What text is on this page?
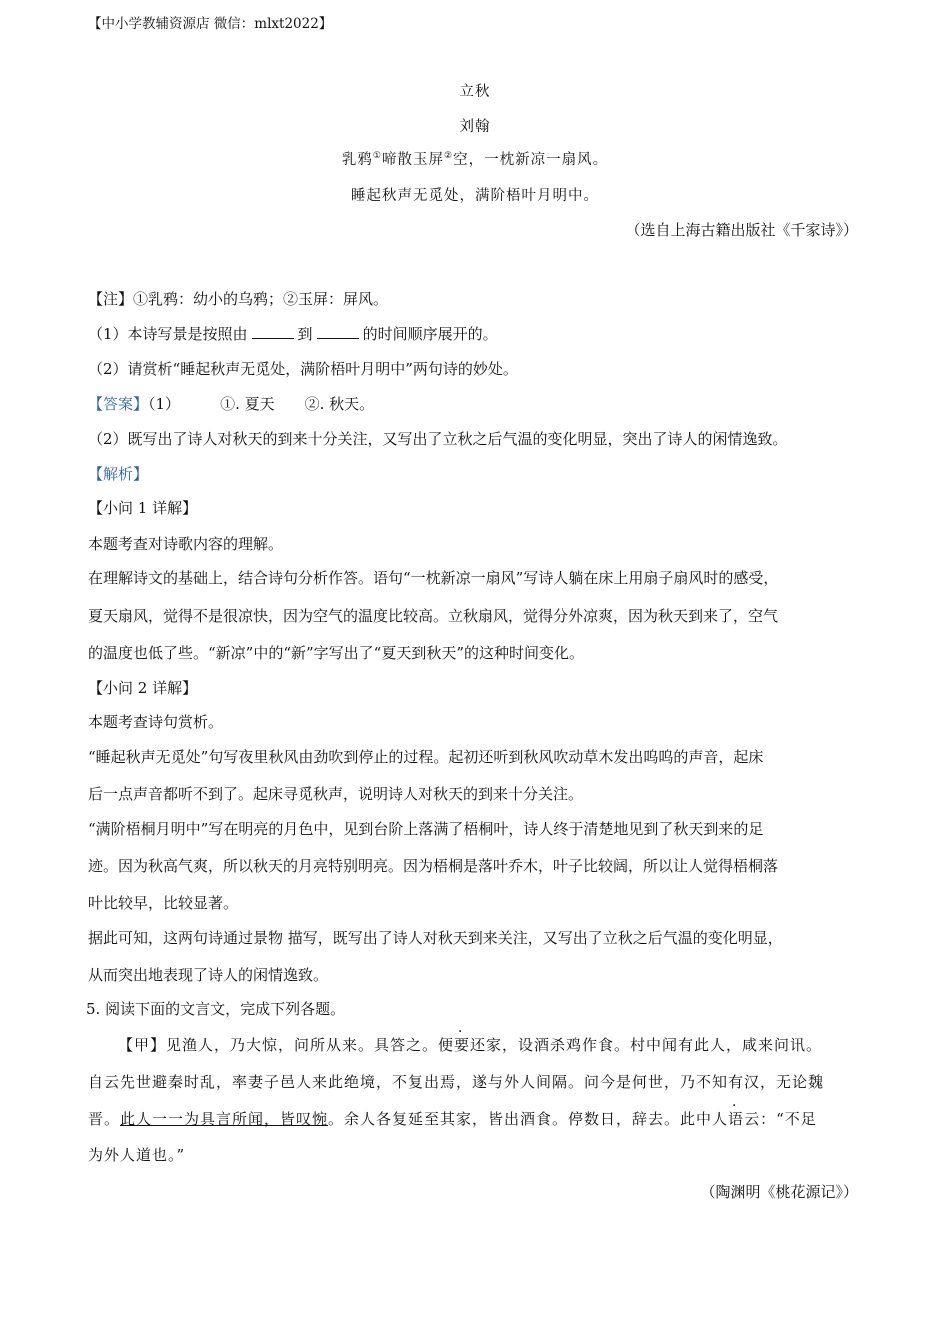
【中小学教辅资源店 微信：mlxt2022】
立秋
刘翰
乳鸦①啼散玉屏②空，一枕新凉一扇风。
睡起秋声无觅处，满阶梧叶月明中。
（选自上海古籍出版社《千家诗》）
【注】①乳鸦：幼小的乌鸦；②玉屏：屏风。
（1）本诗写景是按照由	到	的时间顺序展开的。
（2）请赏析“睡起秋声无觅处，满阶梧叶月明中”两句诗的妙处。
【答案】（1）	①. 夏天 ②. 秋天。
（2）既写出了诗人对秋天的到来十分关注，又写出了立秋之后气温的变化明显，突出了诗人的闲情逸致。
【解析】
【小问 1 详解】
本题考查对诗歌内容的理解。
在理解诗文的基础上，结合诗句分析作答。语句“一枕新凉一扇风”写诗人躺在床上用扇子扇风时的感受，
夏天扇风，觉得不是很凉快，因为空气的温度比较高。立秋扇风，觉得分外凉爽，因为秋天到来了，空气
的温度也低了些。“新凉”中的“新”字写出了“夏天到秋天”的这种时间变化。
【小问 2 详解】
本题考查诗句赏析。
“睡起秋声无觅处”句写夜里秋风由劲吹到停止的过程。起初还听到秋风吹动草木发出呜呜的声音，起床
后一点声音都听不到了。起床寻觅秋声，说明诗人对秋天的到来十分关注。
“满阶梧桐月明中”写在明亮的月色中，见到台阶上落满了梧桐叶，诗人终于清楚地见到了秋天到来的足
迹。因为秋高气爽，所以秋天的月亮特别明亮。因为梧桐是落叶乔木，叶子比较阔，所以让人觉得梧桐落
叶比较早，比较显著。
据此可知，这两句诗通过景物 描写，既写出了诗人对秋天到来关注，又写出了立秋之后气温的变化明显，
从而突出地表现了诗人的闲情逸致。
5. 阅读下面的文言文，完成下列各题。
【甲】见渔人，乃大惊，问所从来。具答之。便要还家，设酒杀鸡作食。村中闻有此人，咸来问讯。
自云先世避秦时乱，率妻子邑人来此绝境，不复出焉，遂与外人间隔。问今是何世，乃不知有汉，无论魏
晋。此人一一为具言所闻，皆叹惋。余人各复延至其家，皆出酒食。停数日，辞去。此中人语云：“不足
为外人道也。”
（陶渊明《桃花源记》）
